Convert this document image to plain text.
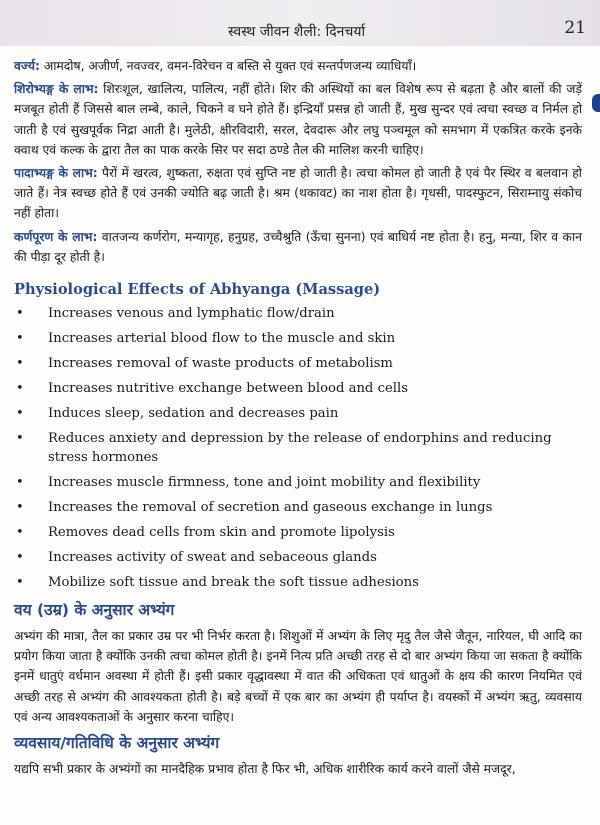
स्वस्थ जीवन शैली: दिनचर्या	21

वर्ज्य: आमदोष, अजीर्ण, नवज्वर, वमन-विरेचन व बस्ति से युक्त एवं सन्तर्पणजन्य व्याधियाँ।

शिरोभ्यङ्ग के लाभ: शिरःशूल, खालित्य, पालित्य, नहीं होते। शिर की अस्थियों का बल विशेष रूप से बढ़ता है और बालों की जड़ें मजबूत होती हैं जिससे बाल लम्बे, काले, चिकने व घने होते हैं। इन्द्रियाँ प्रसन्न हो जाती हैं, मुख सुन्दर एवं त्वचा स्वच्छ व निर्मल हो जाती है एवं सुखपूर्वक निद्रा आती है। मुलेठी, क्षीरविदारी, सरल, देवदारू और लघु पञ्चमूल को समभाग में एकत्रित करके इनके क्वाथ एवं कल्क के द्वारा तैल का पाक करके सिर पर सदा ठण्डे तैल की मालिश करनी चाहिए।

पादाभ्यङ्ग के लाभ: पैरों में खरत्व, शुष्कता, रुक्षता एवं सुप्ति नष्ट हो जाती है। त्वचा कोमल हो जाती है एवं पैर स्थिर व बलवान हो जाते हैं। नेत्र स्वच्छ होते हैं एवं उनकी ज्योति बढ़ जाती है। श्रम (थकावट) का नाश होता है। गृधसी, पादस्फुटन, सिराम्नायु संकोच नहीं होता।

कर्णपूरण के लाभ: वातजन्य कर्णरोग, मन्यागृह, हनुग्रह, उच्चैश्रुति (ऊँचा सुनना) एवं बाधिर्य नष्ट होता है। हनु, मन्या, शिर व कान की पीड़ा दूर होती है।

Physiological Effects of Abhyanga (Massage)
• Increases venous and lymphatic flow/drain
• Increases arterial blood flow to the muscle and skin
• Increases removal of waste products of metabolism
• Increases nutritive exchange between blood and cells
• Induces sleep, sedation and decreases pain
• Reduces anxiety and depression by the release of endorphins and reducing stress hormones
• Increases muscle firmness, tone and joint mobility and flexibility
• Increases the removal of secretion and gaseous exchange in lungs
• Removes dead cells from skin and promote lipolysis
• Increases activity of sweat and sebaceous glands
• Mobilize soft tissue and break the soft tissue adhesions
वय (उम्र) के अनुसार अभ्यंग

अभ्यंग की मात्रा, तैल का प्रकार उम्र पर भी निर्भर करता है। शिशुओं में अभ्यंग के लिए मृदु तैल जैसे जैतून, नारियल, घी आदि का प्रयोग किया जाता है क्योंकि उनकी त्वचा कोमल होती है। इनमें नित्य प्रति अच्छी तरह से दो बार अभ्यंग किया जा सकता है क्योंकि इनमें धातुएं वर्धमान अवस्था में होती हैं। इसी प्रकार वृद्धावस्था में वात की अधिकता एवं धातुओं के क्षय की कारण नियमित एवं अच्छी तरह से अभ्यंग की आवश्यकता होती है। बड़े बच्चों में एक बार का अभ्यंग ही पर्याप्त है। वयस्कों में अभ्यंग ऋतु, व्यवसाय एवं अन्य आवश्यकताओं के अनुसार करना चाहिए।

व्यवसाय/गतिविधि के अनुसार अभ्यंग

यद्यपि सभी प्रकार के अभ्यंगों का मानदैहिक प्रभाव होता है फिर भी, अधिक शारीरिक कार्य करने वालों जैसे मजदूर,
